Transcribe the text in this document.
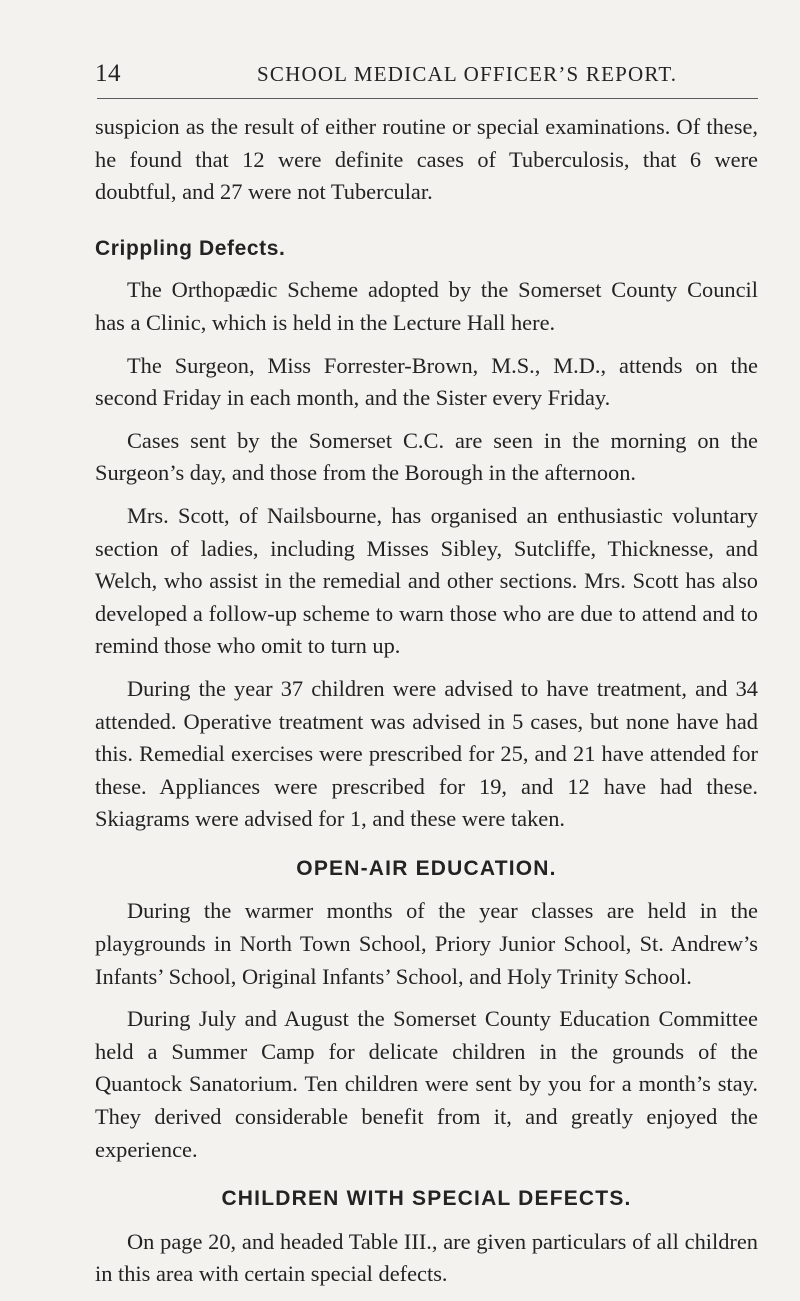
14	SCHOOL MEDICAL OFFICER’S REPORT.

suspicion as the result of either routine or special examinations. Of these, he found that 12 were definite cases of Tuberculosis, that 6 were doubtful, and 27 were not Tubercular.

Crippling Defects.

The Orthopædic Scheme adopted by the Somerset County Council has a Clinic, which is held in the Lecture Hall here.

The Surgeon, Miss Forrester-Brown, M.S., M.D., attends on the second Friday in each month, and the Sister every Friday.

Cases sent by the Somerset C.C. are seen in the morning on the Surgeon’s day, and those from the Borough in the afternoon.

Mrs. Scott, of Nailsbourne, has organised an enthusiastic voluntary section of ladies, including Misses Sibley, Sutcliffe, Thicknesse, and Welch, who assist in the remedial and other sections. Mrs. Scott has also developed a follow-up scheme to warn those who are due to attend and to remind those who omit to turn up.

During the year 37 children were advised to have treatment, and 34 attended. Operative treatment was advised in 5 cases, but none have had this. Remedial exercises were prescribed for 25, and 21 have attended for these. Appliances were prescribed for 19, and 12 have had these. Skiagrams were advised for 1, and these were taken.

OPEN-AIR EDUCATION.

During the warmer months of the year classes are held in the playgrounds in North Town School, Priory Junior School, St. Andrew’s Infants’ School, Original Infants’ School, and Holy Trinity School.

During July and August the Somerset County Education Committee held a Summer Camp for delicate children in the grounds of the Quantock Sanatorium. Ten children were sent by you for a month’s stay. They derived considerable benefit from it, and greatly enjoyed the experience.

CHILDREN WITH SPECIAL DEFECTS.

On page 20, and headed Table III., are given particulars of all children in this area with certain special defects.
